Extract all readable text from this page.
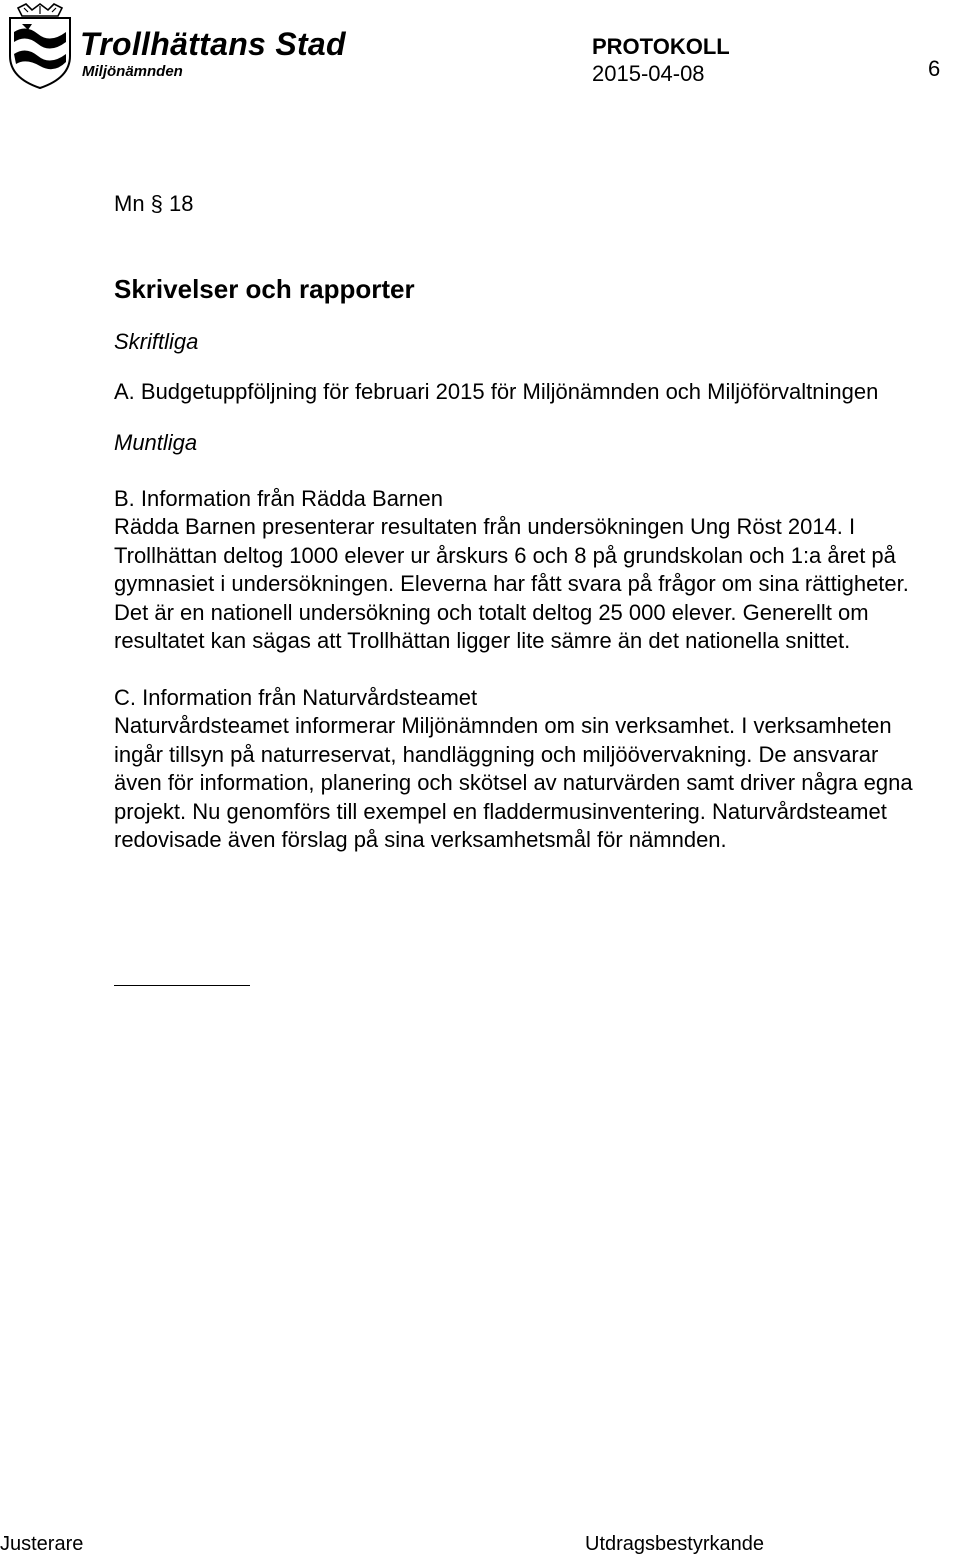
Trollhättans Stad
Miljönämnden
PROTOKOLL
2015-04-08	6

Mn § 18

Skrivelser och rapporter
Skriftliga

A. Budgetuppföljning för februari 2015 för Miljönämnden och Miljöförvaltningen

Muntliga

B. Information från Rädda Barnen

Rädda Barnen presenterar resultaten från undersökningen Ung Röst 2014. I Trollhättan deltog 1000 elever ur årskurs 6 och 8 på grundskolan och 1:a året på gymnasiet i undersökningen. Eleverna har fått svara på frågor om sina rättigheter. Det är en nationell undersökning och totalt deltog 25 000 elever. Generellt om resultatet kan sägas att Trollhättan ligger lite sämre än det nationella snittet.

C. Information från Naturvårdsteamet

Naturvårdsteamet informerar Miljönämnden om sin verksamhet. I verksamheten ingår tillsyn på naturreservat, handläggning och miljöövervakning. De ansvarar även för information, planering och skötsel av naturvärden samt driver några egna projekt. Nu genomförs till exempel en fladdermusinventering. Naturvårdsteamet redovisade även förslag på sina verksamhetsmål för nämnden.

Justerare	Utdragsbestyrkande
